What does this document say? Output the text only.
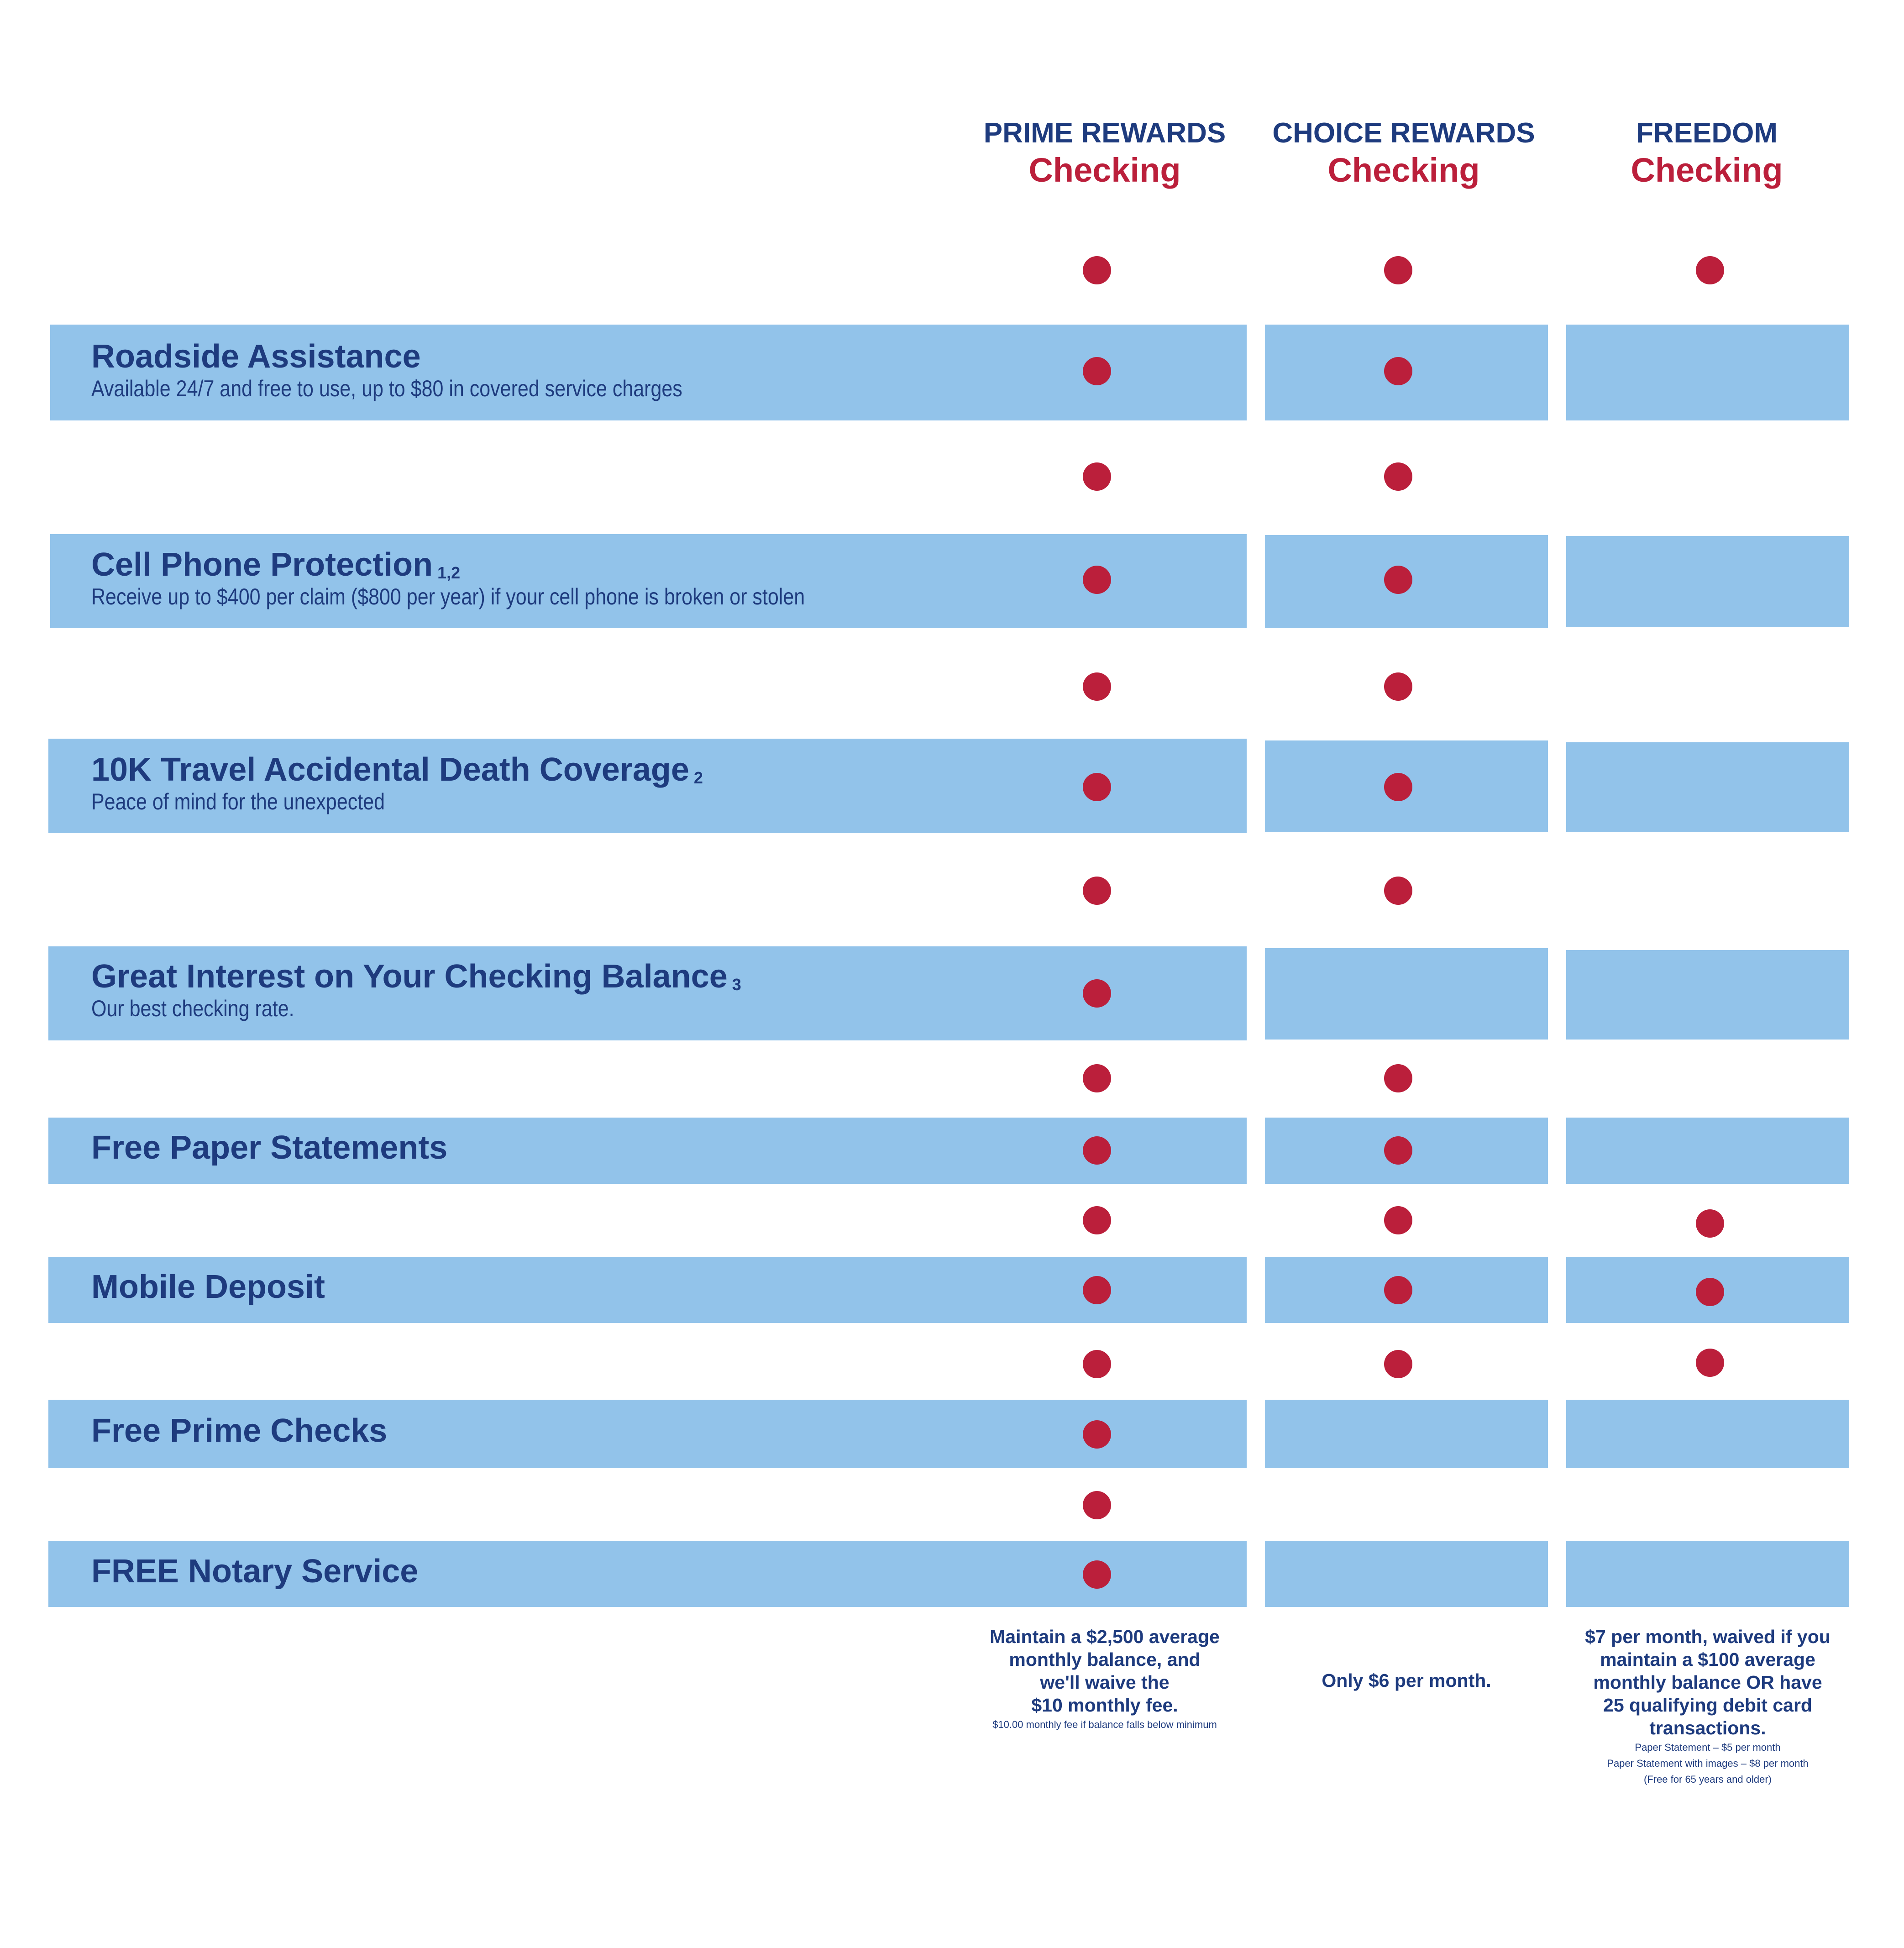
PRIME REWARDS
Checking
CHOICE REWARDS
Checking
FREEDOM
Checking
Roadside Assistance
Available 24/7 and free to use, up to $80 in covered service charges
Cell Phone Protection $^{1,2}$
Receive up to $400 per claim ($800 per year) if your cell phone is broken or stolen
10K Travel Accidental Death Coverage $^2$
Peace of mind for the unexpected
Great Interest on Your Checking Balance $^3$
Our best checking rate.
Free Paper Statements
Mobile Deposit
Free Prime Checks
FREE Notary Service
Maintain a $2,500 average
monthly balance, and
we'll waive the
$10 monthly fee.
$10.00 monthly fee if balance falls below minimum
Only $6 per month.
$7 per month, waived if you
maintain a $100 average
monthly balance OR have
25 qualifying debit card
transactions.
Paper Statement – $5 per month
Paper Statement with images – $8 per month
(Free for 65 years and older)
